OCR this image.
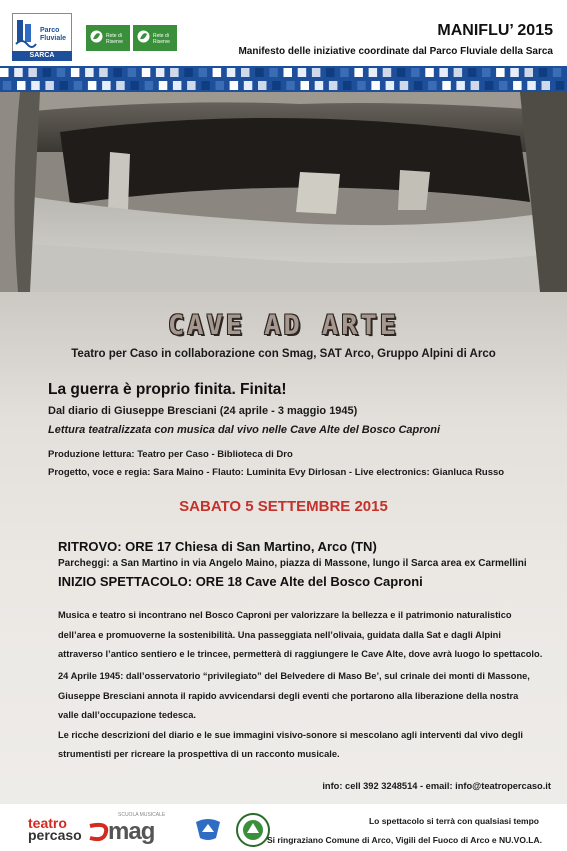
Parco
Fluviale
SARCA
Rete di
Riserve
Rete di
Riserve
MANIFLU’ 2015
Manifesto delle iniziative coordinate dal Parco Fluviale della Sarca
CAVE AD ARTE
Teatro per Caso in collaborazione con Smag, SAT Arco, Gruppo Alpini di Arco
La guerra è proprio finita. Finita!
Dal diario di Giuseppe Bresciani (24 aprile - 3 maggio 1945)
Lettura teatralizzata con musica dal vivo nelle Cave Alte del Bosco Caproni
Produzione lettura: Teatro per Caso - Biblioteca di Dro
Progetto, voce e regia: Sara Maino - Flauto: Luminita Evy Dirlosan - Live electronics: Gianluca Russo
SABATO 5 SETTEMBRE 2015
RITROVO: ORE 17 Chiesa di San Martino, Arco (TN)
Parcheggi: a San Martino in via Angelo Maino, piazza di Massone, lungo il Sarca area ex Carmellini
INIZIO SPETTACOLO: ORE 18 Cave Alte del Bosco Caproni
Musica e teatro si incontrano nel Bosco Caproni per valorizzare la bellezza e il patrimonio naturalistico
dell’area e promuoverne la sostenibilità. Una passeggiata nell’olivaia, guidata dalla Sat e dagli Alpini
attraverso l’antico sentiero e le trincee, permetterà di raggiungere le Cave Alte, dove avrà luogo lo spettacolo.
24 Aprile 1945: dall’osservatorio “privilegiato” del Belvedere di Maso Be’, sul crinale dei monti di Massone,
Giuseppe Bresciani annota il rapido avvicendarsi degli eventi che portarono alla liberazione della nostra
valle dall’occupazione tedesca.
Le ricche descrizioni del diario e le sue immagini visivo-sonore si mescolano agli interventi dal vivo degli
strumentisti per ricreare la prospettiva di un racconto musicale.
info: cell 392 3248514 - email: info@teatropercaso.it
teatro
percaso
SCUOLA MUSICALE
mag	Lo spettacolo si terrà con qualsiasi tempo
Si ringraziano Comune di Arco, Vigili del Fuoco di Arco e NU.VO.LA.
